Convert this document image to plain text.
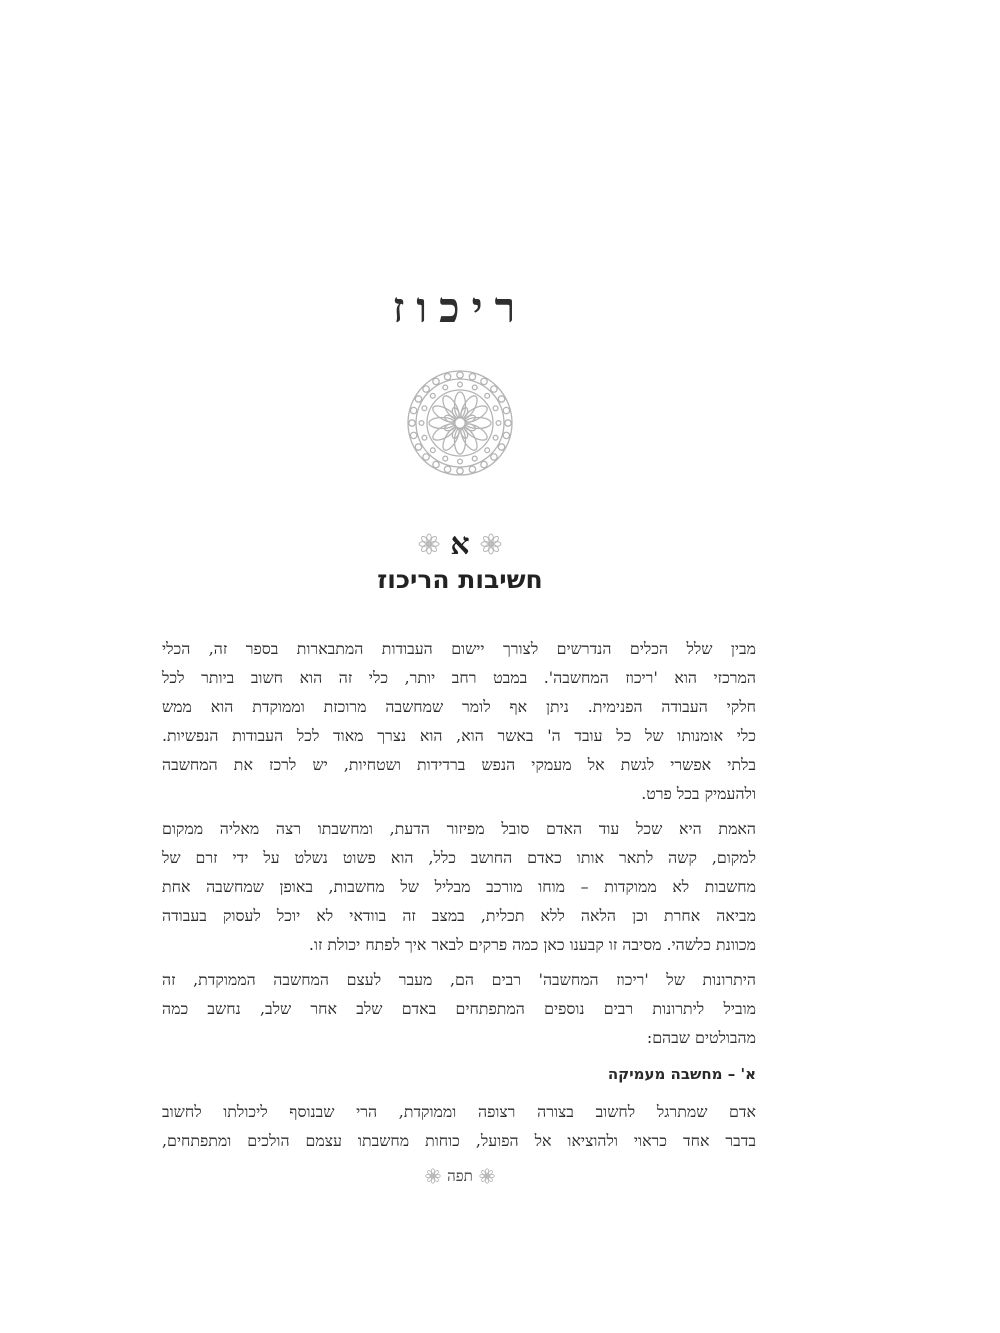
ריכוז
א
חשיבות הריכוז
מבין שלל הכלים הנדרשים לצורך יישום העבודות המתבארות בספר זה, הכלי
המרכזי הוא 'ריכוז המחשבה'. במבט רחב יותר, כלי זה הוא חשוב ביותר לכל
חלקי העבודה הפנימית. ניתן אף לומר שמחשבה מרוכזת וממוקדת הוא ממש
כלי אומנותו של כל עובד ה' באשר הוא, הוא נצרך מאוד לכל העבודות הנפשיות.
בלתי אפשרי לגשת אל מעמקי הנפש ברדידות ושטחיות, יש לרכז את המחשבה
ולהעמיק בכל פרט.
האמת היא שכל עוד האדם סובל מפיזור הדעת, ומחשבתו רצה מאליה ממקום
למקום, קשה לתאר אותו כאדם החושב כלל, הוא פשוט נשלט על ידי זרם של
מחשבות לא ממוקדות – מוחו מורכב מבליל של מחשבות, באופן שמחשבה אחת
מביאה אחרת וכן הלאה ללא תכלית, במצב זה בוודאי לא יוכל לעסוק בעבודה
מכוונת כלשהי. מסיבה זו קבענו כאן כמה פרקים לבאר איך לפתח יכולת זו.
היתרונות של 'ריכוז המחשבה' רבים הם, מעבר לעצם המחשבה הממוקדת, זה
מוביל ליתרונות רבים נוספים המתפתחים באדם שלב אחר שלב, נחשב כמה
מהבולטים שבהם:
א' – מחשבה מעמיקה
אדם שמתרגל לחשוב בצורה רצופה וממוקדת, הרי שבנוסף ליכולתו לחשוב
בדבר אחד כראוי ולהוציאו אל הפועל, כוחות מחשבתו עצמם הולכים ומתפתחים,
תפה
